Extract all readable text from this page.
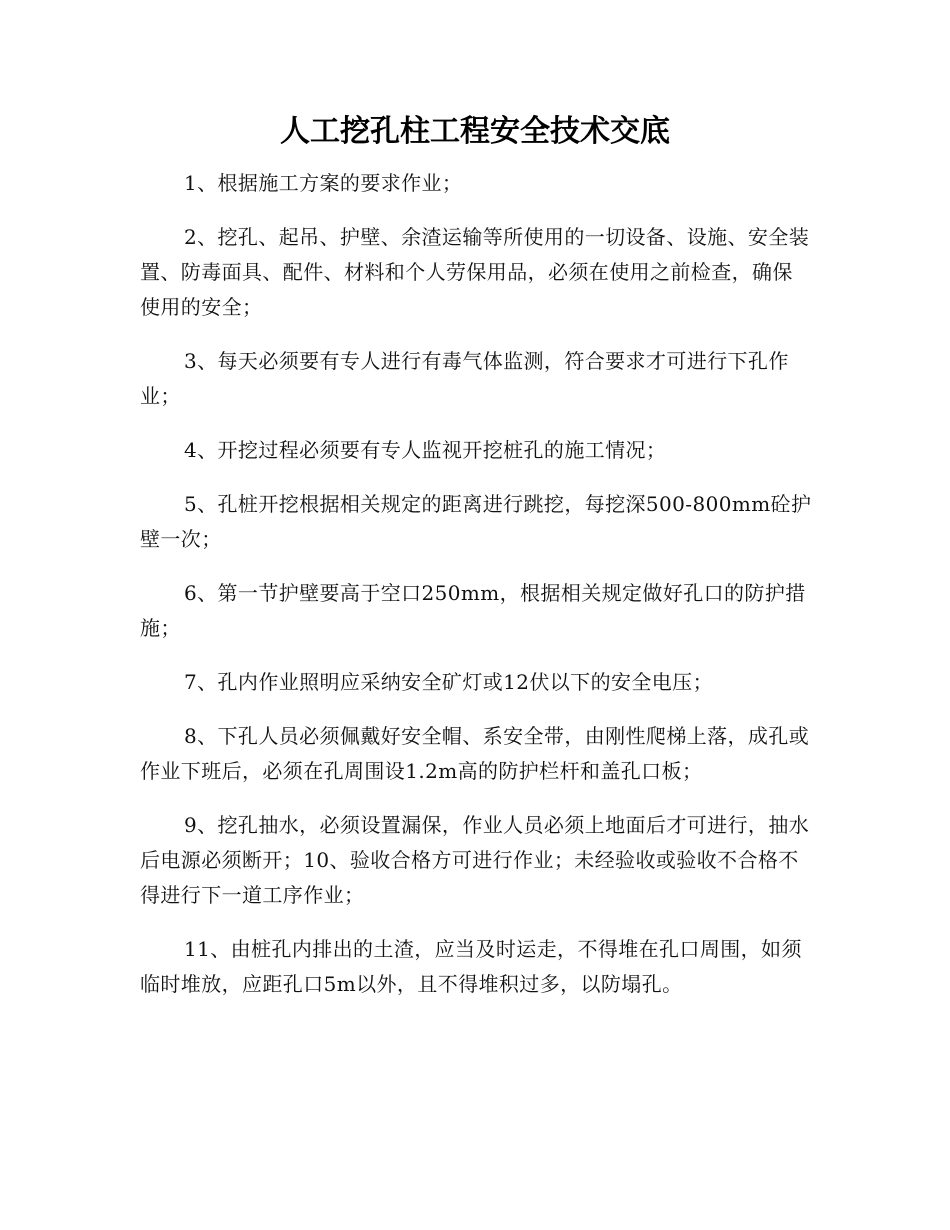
人工挖孔柱工程安全技术交底

1、根据施工方案的要求作业；

2、挖孔、起吊、护壁、余渣运输等所使用的一切设备、设施、安全装置、防毒面具、配件、材料和个人劳保用品，必须在使用之前检查，确保使用的安全；

3、每天必须要有专人进行有毒气体监测，符合要求才可进行下孔作业；

4、开挖过程必须要有专人监视开挖桩孔的施工情况；

5、孔桩开挖根据相关规定的距离进行跳挖，每挖深500-800mm砼护壁一次；

6、第一节护壁要高于空口250mm，根据相关规定做好孔口的防护措施；

7、孔内作业照明应采纳安全矿灯或12伏以下的安全电压；

8、下孔人员必须佩戴好安全帽、系安全带，由刚性爬梯上落，成孔或作业下班后，必须在孔周围设1.2m高的防护栏杆和盖孔口板；

9、挖孔抽水，必须设置漏保，作业人员必须上地面后才可进行，抽水后电源必须断开；10、验收合格方可进行作业；未经验收或验收不合格不得进行下一道工序作业；

11、由桩孔内排出的土渣，应当及时运走，不得堆在孔口周围，如须临时堆放，应距孔口5m以外，且不得堆积过多，以防塌孔。
